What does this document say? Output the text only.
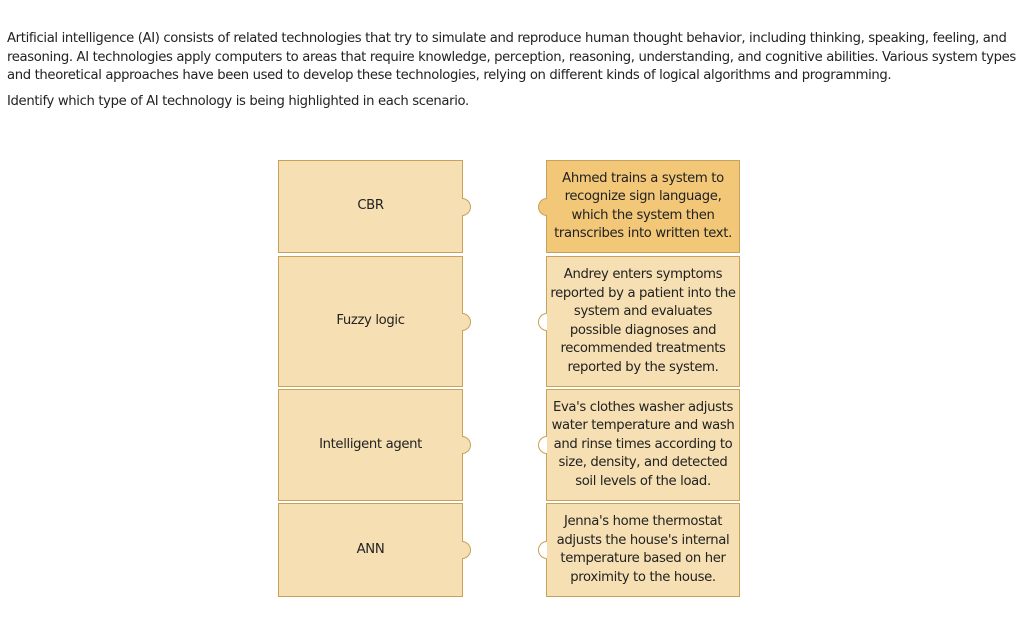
Artificial intelligence (AI) consists of related technologies that try to simulate and reproduce human thought behavior, including thinking, speaking, feeling, and reasoning. AI technologies apply computers to areas that require knowledge, perception, reasoning, understanding, and cognitive abilities. Various system types and theoretical approaches have been used to develop these technologies, relying on different kinds of logical algorithms and programming.

Identify which type of AI technology is being highlighted in each scenario.

CBR
Fuzzy logic
Intelligent agent
ANN
Ahmed trains a system to recognize sign language, which the system then transcribes into written text.
Andrey enters symptoms reported by a patient into the system and evaluates possible diagnoses and recommended treatments reported by the system.
Eva's clothes washer adjusts water temperature and wash and rinse times according to size, density, and detected soil levels of the load.
Jenna's home thermostat adjusts the house's internal temperature based on her proximity to the house.
